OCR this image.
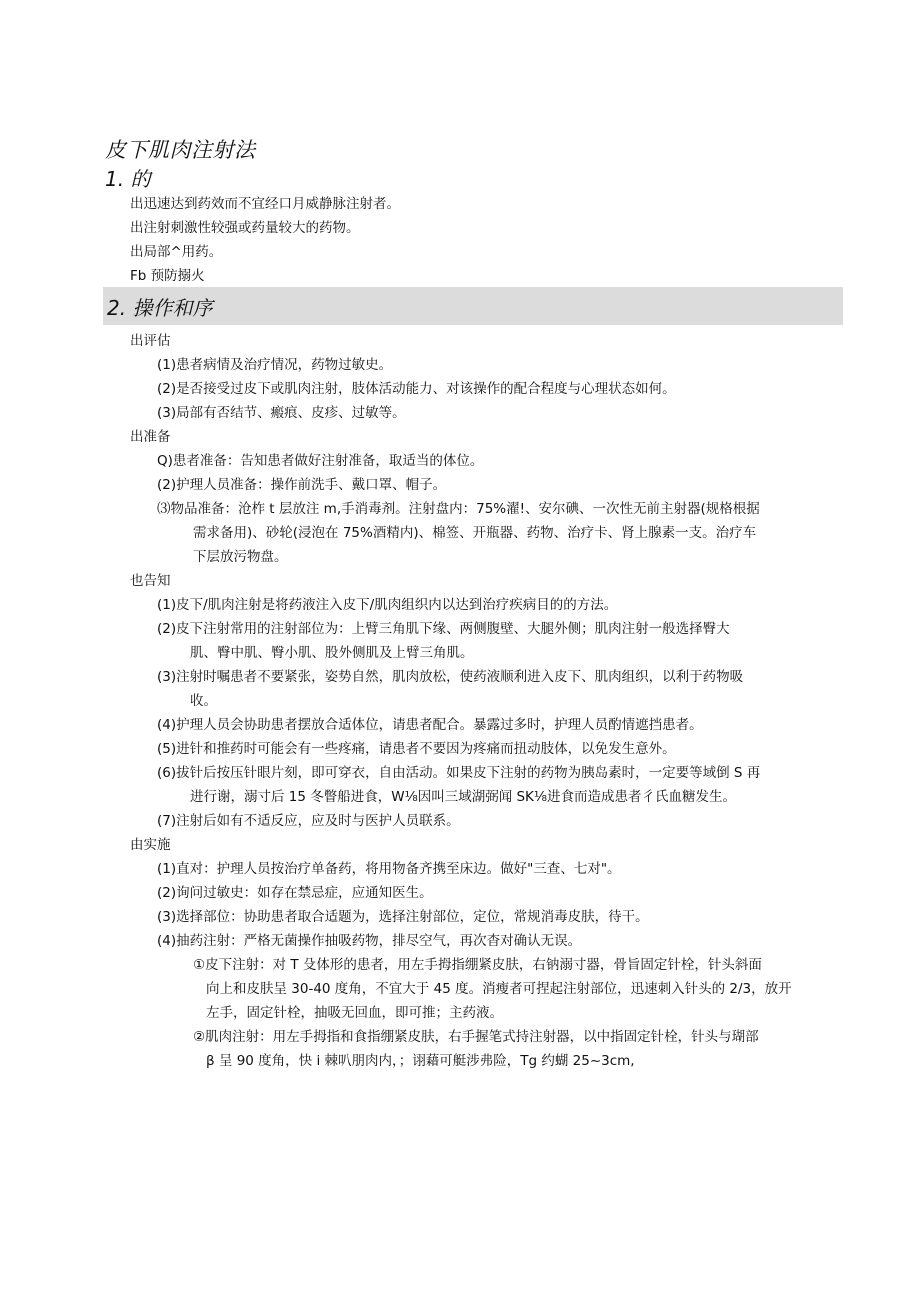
皮下肌肉注射法
1. 的
出迅速达到药效而不宜经口月威静脉注射者。
出注射刺激性较强或药量较大的药物。
出局部^用药。
Fb 预防搦火
2. 操作和序
出评估
(1)患者病情及治疗情况，药物过敏史。
(2)是否接受过皮下或肌肉注射，肢体活动能力、对该操作的配合程度与心理状态如何。
(3)局部有否结节、瘢痕、皮疹、过敏等。
出准备
Q)患者准备：告知患者做好注射准备，取适当的体位。
(2)护理人员准备：操作前洗手、戴口罩、帽子。
⑶物品准备：沧柞 t 层放注 m,手消毒剂。注射盘内：75%濯!、安尔碘、一次性无前主射器(规格根据
需求备用)、砂轮(浸泡在 75%酒精内)、棉签、开瓶器、药物、治疗卡、肾上腺素一支。治疗车
下层放污物盘。
也告知
(1)皮下/肌肉注射是将药液注入皮下/肌肉组织内以达到治疗疾病目的的方法。
(2)皮下注射常用的注射部位为：上臂三角肌下缘、两侧腹壁、大腿外侧；肌肉注射一般选择臀大
肌、臀中肌、臀小肌、股外侧肌及上臂三角肌。
(3)注射时嘱患者不要紧张，姿势自然，肌肉放松，使药液顺利进入皮下、肌肉组织，以利于药物吸
收。
(4)护理人员会协助患者摆放合适体位，请患者配合。暴露过多时，护理人员酌情遮挡患者。
(5)进针和推药时可能会有一些疼痛，请患者不要因为疼痛而扭动肢体，以免发生意外。
(6)拔针后按压针眼片刻，即可穿衣，自由活动。如果皮下注射的药物为胰岛素时，一定要等域倒 S 再
进行谢，溺寸后 15 冬瞥船进食，W⅛因叫三域湖弼闻 SK⅛进食而造成患者彳氏血糖发生。
(7)注射后如有不适反应，应及时与医护人员联系。
由实施
(1)直对：护理人员按治疗单备药，将用物备齐携至床边。做好"三查、七对"。
(2)询问过敏史：如存在禁忌症，应通知医生。
(3)选择部位：协助患者取合适题为，选择注射部位，定位，常规消毒皮肤，待干。
(4)抽药注射：严格无菌操作抽吸药物，排尽空气，再次杳对确认无误。
①皮下注射：对 T 殳体形的患者，用左手拇指绷紧皮肤，右钠溺寸器，骨旨固定针栓，针头斜面
向上和皮肤呈 30-40 度角，不宜大于 45 度。消瘦者可捏起注射部位，迅速刺入针头的 2/3，放开
左手，固定针栓，抽吸无回血，即可推；主药液。
②肌肉注射：用左手拇指和食指绷紧皮肤，右手握笔式持注射器，以中指固定针栓，针头与瑚部
β 呈 90 度角，快 i 棘叭朋肉内，；诩藉可艇涉弗险，Tg 约蝴 25~3cm,
